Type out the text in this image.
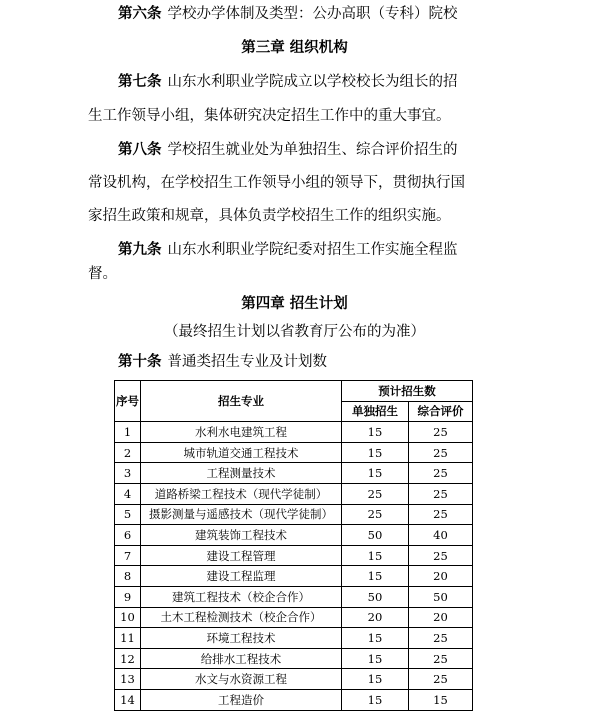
第六条 学校办学体制及类型：公办高职（专科）院校
第三章 组织机构
第七条 山东水利职业学院成立以学校校长为组长的招
生工作领导小组，集体研究决定招生工作中的重大事宜。
第八条 学校招生就业处为单独招生、综合评价招生的
常设机构，在学校招生工作领导小组的领导下，贯彻执行国
家招生政策和规章，具体负责学校招生工作的组织实施。
第九条 山东水利职业学院纪委对招生工作实施全程监
督。
第四章 招生计划
（最终招生计划以省教育厅公布的为准）
第十条 普通类招生专业及计划数
序号	招生专业	预计招生数	
		单独招生	综合评价
1	水利水电建筑工程	15	25
2	城市轨道交通工程技术	15	25
3	工程测量技术	15	25
4	道路桥梁工程技术（现代学徒制）	25	25
5	摄影测量与遥感技术（现代学徒制）	25	25
6	建筑装饰工程技术	50	40
7	建设工程管理	15	25
8	建设工程监理	15	20
9	建筑工程技术（校企合作）	50	50
10	土木工程检测技术（校企合作）	20	20
11	环境工程技术	15	25
12	给排水工程技术	15	25
13	水文与水资源工程	15	25
14	工程造价	15	15
